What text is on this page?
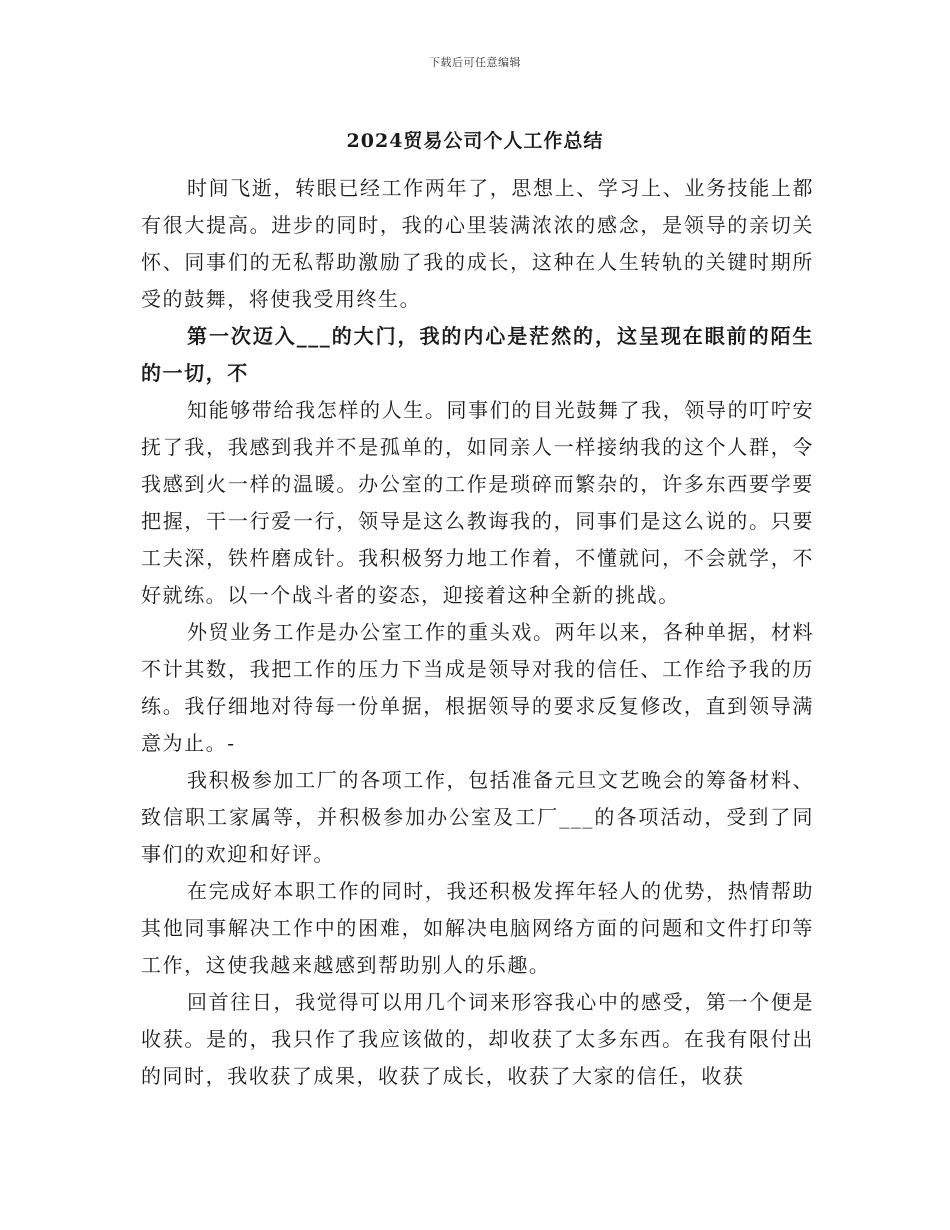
下载后可任意编辑
2024贸易公司个人工作总结

时间飞逝，转眼已经工作两年了，思想上、学习上、业务技能上都有很大提高。进步的同时，我的心里装满浓浓的感念，是领导的亲切关怀、同事们的无私帮助激励了我的成长，这种在人生转轨的关键时期所受的鼓舞，将使我受用终生。

第一次迈入___的大门，我的内心是茫然的，这呈现在眼前的陌生的一切，不

知能够带给我怎样的人生。同事们的目光鼓舞了我，领导的叮咛安抚了我，我感到我并不是孤单的，如同亲人一样接纳我的这个人群，令我感到火一样的温暖。办公室的工作是琐碎而繁杂的，许多东西要学要把握，干一行爱一行，领导是这么教诲我的，同事们是这么说的。只要工夫深，铁杵磨成针。我积极努力地工作着，不懂就问，不会就学，不好就练。以一个战斗者的姿态，迎接着这种全新的挑战。

外贸业务工作是办公室工作的重头戏。两年以来，各种单据，材料不计其数，我把工作的压力下当成是领导对我的信任、工作给予我的历练。我仔细地对待每一份单据，根据领导的要求反复修改，直到领导满意为止。-

我积极参加工厂的各项工作，包括准备元旦文艺晚会的筹备材料、致信职工家属等，并积极参加办公室及工厂___的各项活动，受到了同事们的欢迎和好评。

在完成好本职工作的同时，我还积极发挥年轻人的优势，热情帮助其他同事解决工作中的困难，如解决电脑网络方面的问题和文件打印等工作，这使我越来越感到帮助别人的乐趣。

回首往日，我觉得可以用几个词来形容我心中的感受，第一个便是收获。是的，我只作了我应该做的，却收获了太多东西。在我有限付出的同时，我收获了成果，收获了成长，收获了大家的信任，收获
